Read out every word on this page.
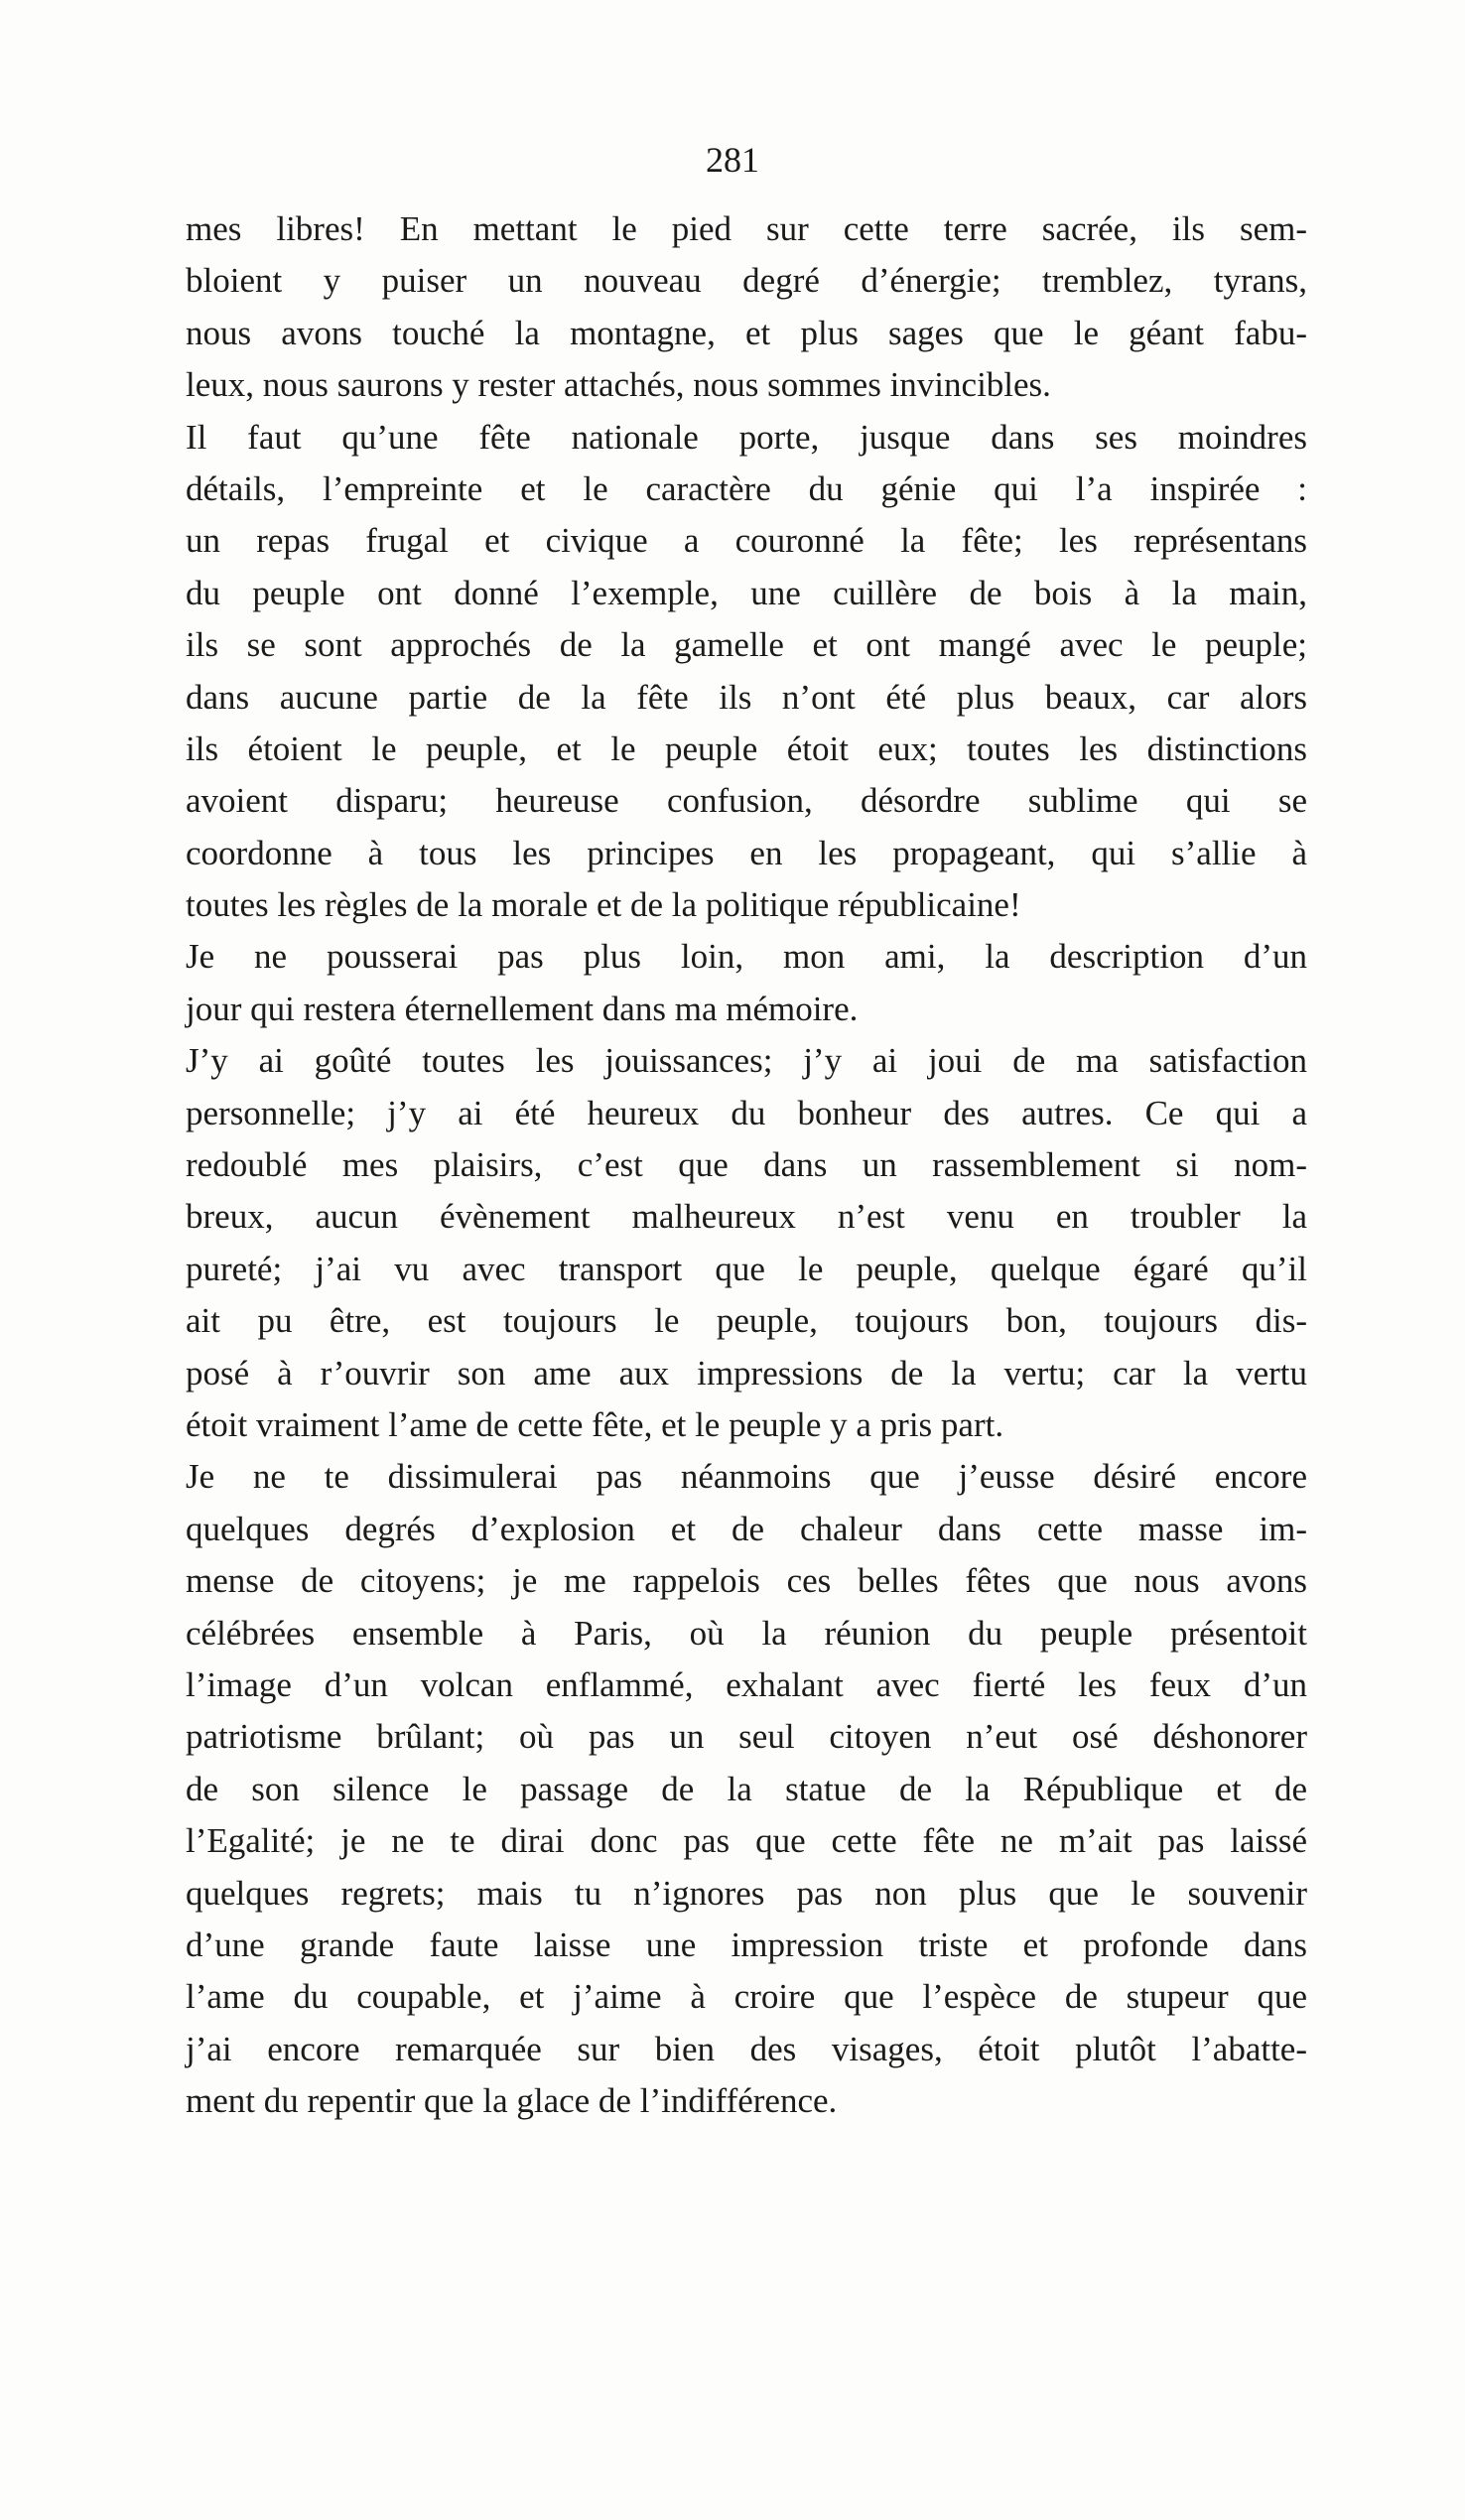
281
mes libres! En mettant le pied sur cette terre sacrée, ils sem-
bloient y puiser un nouveau degré d’énergie; tremblez, tyrans,
nous avons touché la montagne, et plus sages que le géant fabu-
leux, nous saurons y rester attachés, nous sommes invincibles.
Il faut qu’une fête nationale porte, jusque dans ses moindres
détails, l’empreinte et le caractère du génie qui l’a inspirée :
un repas frugal et civique a couronné la fête; les représentans
du peuple ont donné l’exemple, une cuillère de bois à la main,
ils se sont approchés de la gamelle et ont mangé avec le peuple;
dans aucune partie de la fête ils n’ont été plus beaux, car alors
ils étoient le peuple, et le peuple étoit eux; toutes les distinctions
avoient disparu; heureuse confusion, désordre sublime qui se
coordonne à tous les principes en les propageant, qui s’allie à
toutes les règles de la morale et de la politique républicaine!
Je ne pousserai pas plus loin, mon ami, la description d’un
jour qui restera éternellement dans ma mémoire.
J’y ai goûté toutes les jouissances; j’y ai joui de ma satisfaction
personnelle; j’y ai été heureux du bonheur des autres. Ce qui a
redoublé mes plaisirs, c’est que dans un rassemblement si nom-
breux, aucun évènement malheureux n’est venu en troubler la
pureté; j’ai vu avec transport que le peuple, quelque égaré qu’il
ait pu être, est toujours le peuple, toujours bon, toujours dis-
posé à r’ouvrir son ame aux impressions de la vertu; car la vertu
étoit vraiment l’ame de cette fête, et le peuple y a pris part.
Je ne te dissimulerai pas néanmoins que j’eusse désiré encore
quelques degrés d’explosion et de chaleur dans cette masse im-
mense de citoyens; je me rappelois ces belles fêtes que nous avons
célébrées ensemble à Paris, où la réunion du peuple présentoit
l’image d’un volcan enflammé, exhalant avec fierté les feux d’un
patriotisme brûlant; où pas un seul citoyen n’eut osé déshonorer
de son silence le passage de la statue de la République et de
l’Egalité; je ne te dirai donc pas que cette fête ne m’ait pas laissé
quelques regrets; mais tu n’ignores pas non plus que le souvenir
d’une grande faute laisse une impression triste et profonde dans
l’ame du coupable, et j’aime à croire que l’espèce de stupeur que
j’ai encore remarquée sur bien des visages, étoit plutôt l’abatte-
ment du repentir que la glace de l’indifférence.
